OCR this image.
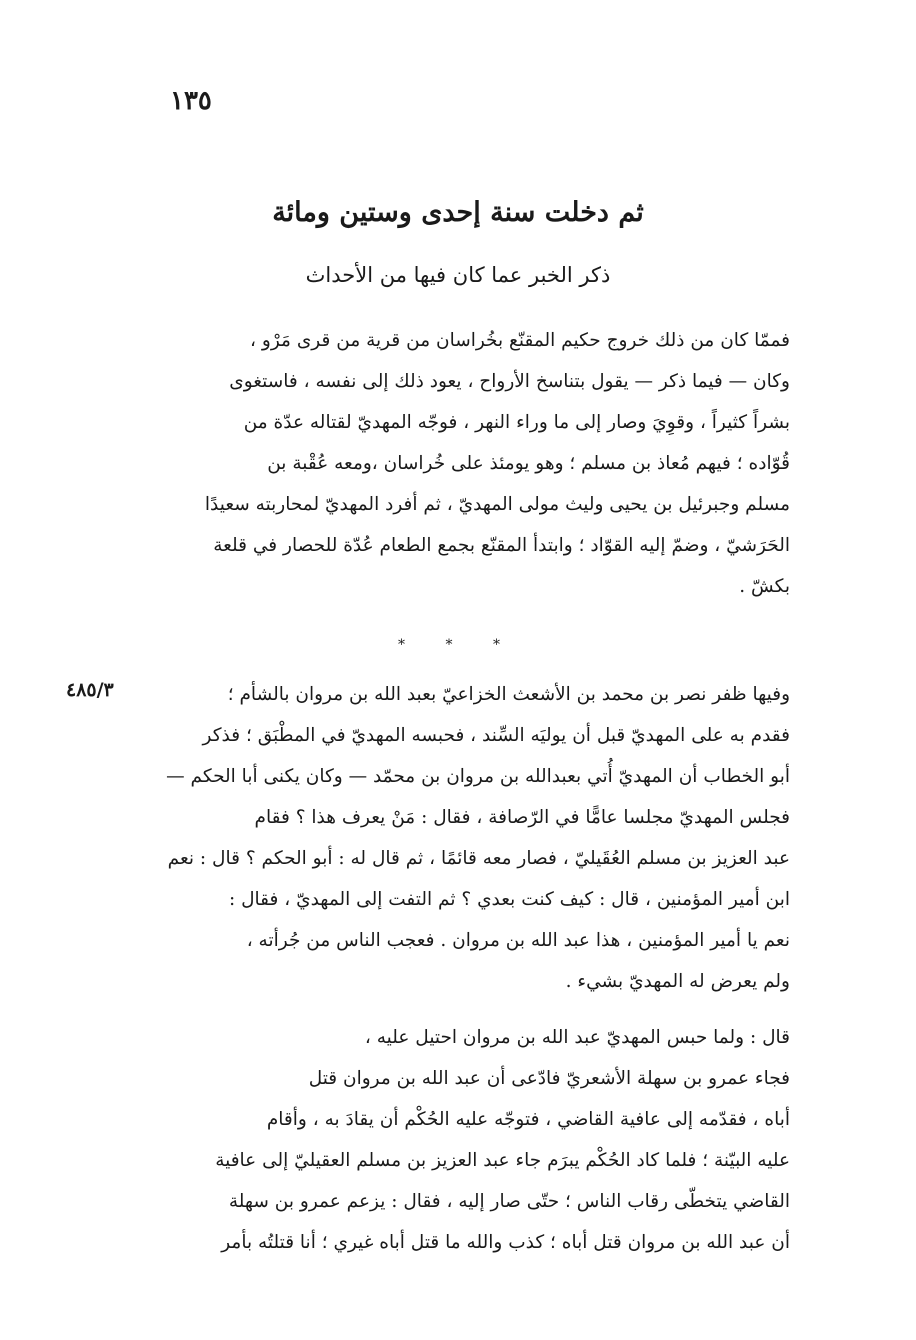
١٣٥
ثم دخلت سنة إحدى وستين ومائة
ذكر الخبر عما كان فيها من الأحداث
فممّا كان من ذلك خروج حكيم المقنّع بخُراسان من قرية من قرى مَرْو ،
وكان — فيما ذكر — يقول بتناسخ الأرواح ، يعود ذلك إلى نفسه ، فاستغوى
بشراً كثيراً ، وقوِيَ وصار إلى ما وراء النهر ، فوجّه المهديّ لقتاله عدّة من
قُوّاده ؛ فيهم مُعاذ بن مسلم ؛ وهو يومئذ على خُراسان ،ومعه عُقْبة بن
مسلم وجبرئيل بن يحيى وليث مولى المهديّ ، ثم أفرد المهديّ لمحاربته سعيدًا
الحَرَشيّ ، وضمّ إليه القوّاد ؛ وابتدأ المقنّع بجمع الطعام عُدّة للحصار في قلعة
بكشّ .
* * *
٤٨٥/٣	وفيها ظفر نصر بن محمد بن الأشعث الخزاعيّ بعبد الله بن مروان بالشأم ؛
فقدم به على المهديّ قبل أن يوليَه السِّند ، فحبسه المهديّ في المطْبَق ؛ فذكر
أبو الخطاب أن المهديّ أُتي بعبدالله بن مروان بن محمّد — وكان يكنى أبا الحكم —
فجلس المهديّ مجلسا عامًّا في الرّصافة ، فقال : مَنْ يعرف هذا ؟ فقام
عبد العزيز بن مسلم العُقَيليّ ، فصار معه قائمًا ، ثم قال له : أبو الحكم ؟ قال : نعم
ابن أمير المؤمنين ، قال : كيف كنت بعدي ؟ ثم التفت إلى المهديّ ، فقال :
نعم يا أمير المؤمنين ، هذا عبد الله بن مروان . فعجب الناس من جُرأته ،
ولم يعرض له المهديّ بشيء .
قال : ولما حبس المهديّ عبد الله بن مروان احتيل عليه ،
فجاء عمرو بن سهلة الأشعريّ فادّعى أن عبد الله بن مروان قتل
أباه ، فقدّمه إلى عافية القاضي ، فتوجّه عليه الحُكْم أن يقادَ به ، وأقام
عليه البيّنة ؛ فلما كاد الحُكْم يبرَم جاء عبد العزيز بن مسلم العقيليّ إلى عافية
القاضي يتخطّى رقاب الناس ؛ حتّى صار إليه ، فقال : يزعم عمرو بن سهلة
أن عبد الله بن مروان قتل أباه ؛ كذب والله ما قتل أباه غيري ؛ أنا قتلتُه بأمر
